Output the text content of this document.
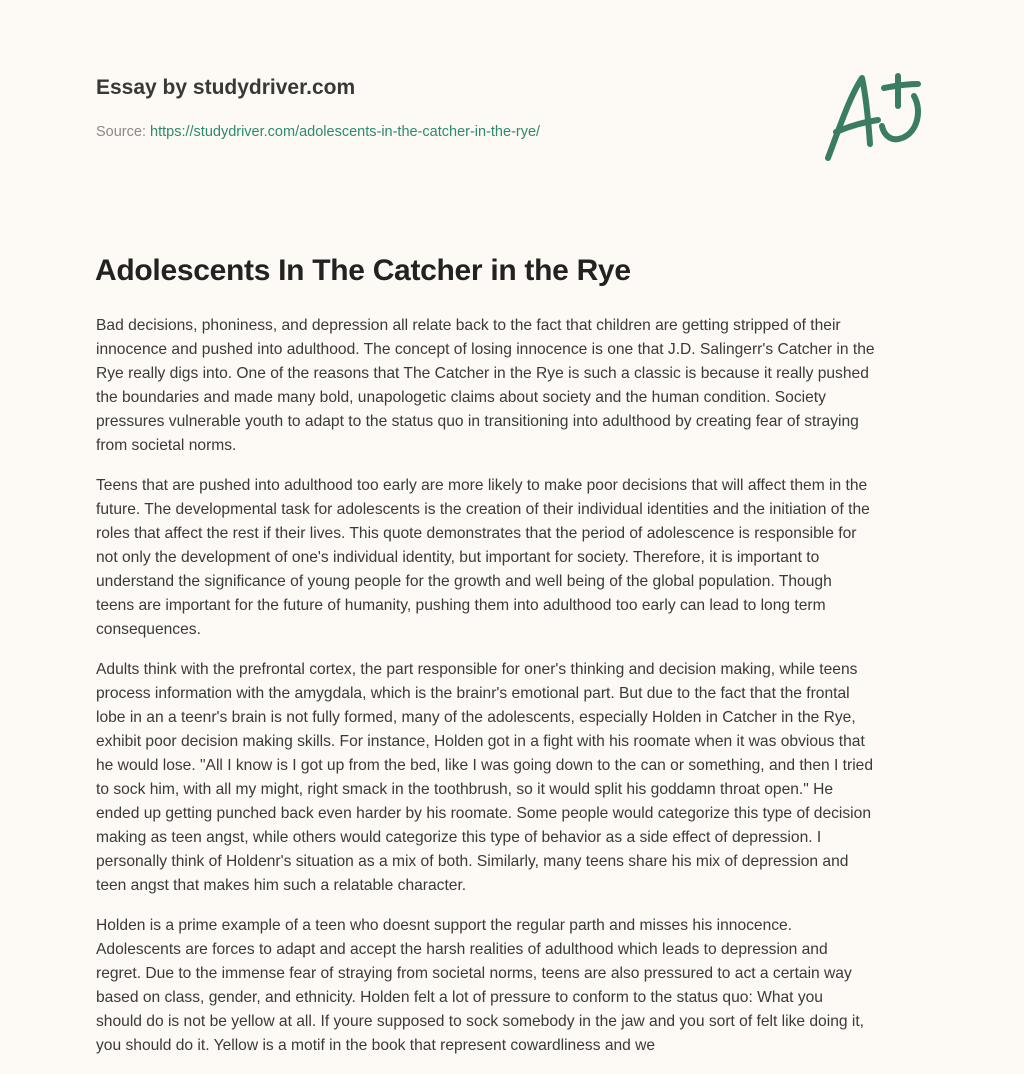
Essay by studydriver.com
Source: https://studydriver.com/adolescents-in-the-catcher-in-the-rye/
Adolescents In The Catcher in the Rye

Bad decisions, phoniness, and depression all relate back to the fact that children are getting stripped of their
innocence and pushed into adulthood. The concept of losing innocence is one that J.D. Salingerr's Catcher in the
Rye really digs into. One of the reasons that The Catcher in the Rye is such a classic is because it really pushed
the boundaries and made many bold, unapologetic claims about society and the human condition. Society
pressures vulnerable youth to adapt to the status quo in transitioning into adulthood by creating fear of straying
from societal norms.

Teens that are pushed into adulthood too early are more likely to make poor decisions that will affect them in the
future. The developmental task for adolescents is the creation of their individual identities and the initiation of the
roles that affect the rest if their lives. This quote demonstrates that the period of adolescence is responsible for
not only the development of one's individual identity, but important for society. Therefore, it is important to
understand the significance of young people for the growth and well being of the global population. Though
teens are important for the future of humanity, pushing them into adulthood too early can lead to long term
consequences.

Adults think with the prefrontal cortex, the part responsible for oner's thinking and decision making, while teens
process information with the amygdala, which is the brainr's emotional part. But due to the fact that the frontal
lobe in an a teenr's brain is not fully formed, many of the adolescents, especially Holden in Catcher in the Rye,
exhibit poor decision making skills. For instance, Holden got in a fight with his roomate when it was obvious that
he would lose. "All I know is I got up from the bed, like I was going down to the can or something, and then I tried
to sock him, with all my might, right smack in the toothbrush, so it would split his goddamn throat open." He
ended up getting punched back even harder by his roomate. Some people would categorize this type of decision
making as teen angst, while others would categorize this type of behavior as a side effect of depression. I
personally think of Holdenr's situation as a mix of both. Similarly, many teens share his mix of depression and
teen angst that makes him such a relatable character.

Holden is a prime example of a teen who doesnt support the regular parth and misses his innocence.
Adolescents are forces to adapt and accept the harsh realities of adulthood which leads to depression and
regret. Due to the immense fear of straying from societal norms, teens are also pressured to act a certain way
based on class, gender, and ethnicity. Holden felt a lot of pressure to conform to the status quo: What you
should do is not be yellow at all. If youre supposed to sock somebody in the jaw and you sort of felt like doing it,
you should do it. Yellow is a motif in the book that represent cowardliness and we
